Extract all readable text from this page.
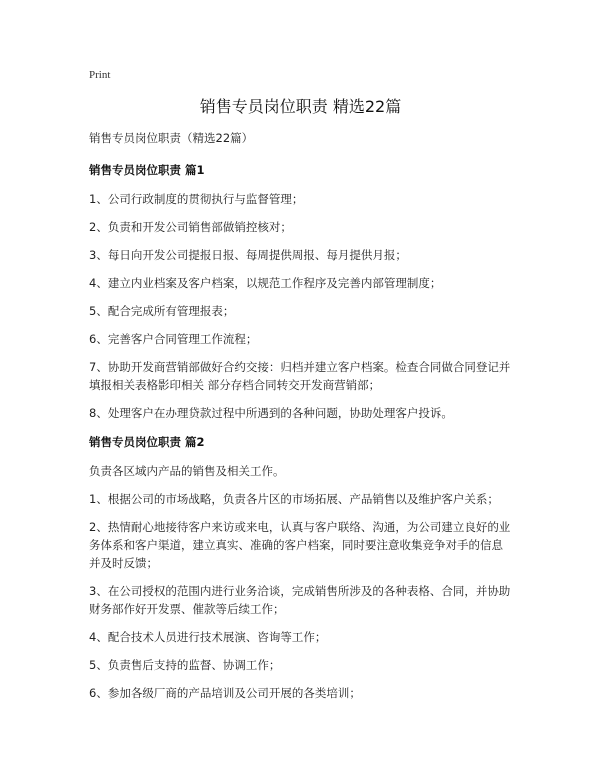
Print
销售专员岗位职责 精选22篇
销售专员岗位职责（精选22篇）
销售专员岗位职责 篇1
1、公司行政制度的贯彻执行与监督管理；
2、负责和开发公司销售部做销控核对；
3、每日向开发公司提报日报、每周提供周报、每月提供月报；
4、建立内业档案及客户档案，以规范工作程序及完善内部管理制度；
5、配合完成所有管理报表；
6、完善客户合同管理工作流程；
7、协助开发商营销部做好合约交接：归档并建立客户档案。检查合同做合同登记并填报相关表格影印相关 部分存档合同转交开发商营销部；
8、处理客户在办理贷款过程中所遇到的各种问题，协助处理客户投诉。
销售专员岗位职责 篇2
负责各区域内产品的销售及相关工作。
1、根据公司的市场战略，负责各片区的市场拓展、产品销售以及维护客户关系；
2、热情耐心地接待客户来访或来电，认真与客户联络、沟通，为公司建立良好的业务体系和客户渠道，建立真实、准确的客户档案，同时要注意收集竞争对手的信息并及时反馈；
3、在公司授权的范围内进行业务洽谈，完成销售所涉及的各种表格、合同，并协助财务部作好开发票、催款等后续工作；
4、配合技术人员进行技术展演、咨询等工作；
5、负责售后支持的监督、协调工作；
6、参加各级厂商的产品培训及公司开展的各类培训；
